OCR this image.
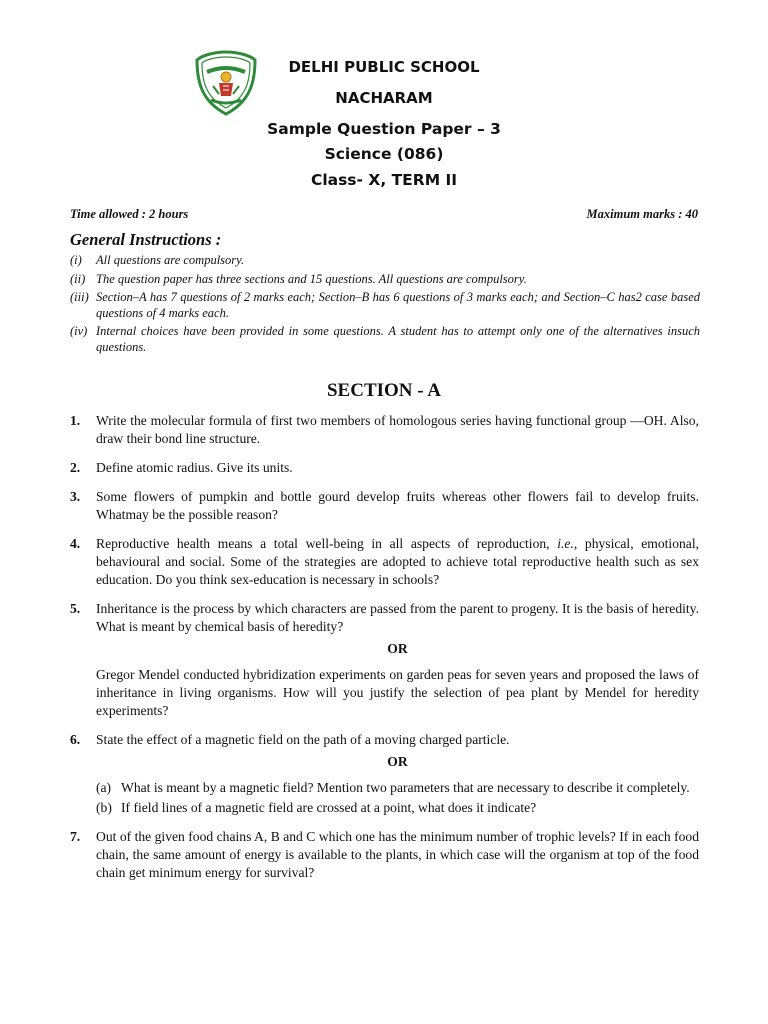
DELHI PUBLIC SCHOOL
NACHARAM
Sample Question Paper – 3
Science (086)
Class- X, TERM II
Time allowed : 2 hours	Maximum marks : 40
General Instructions :
(i)	All questions are compulsory.
(ii) The question paper has three sections and 15 questions. All questions are compulsory.
(iii) Section–A has 7 questions of 2 marks each; Section–B has 6 questions of 3 marks each; and Section–C has2 case based questions of 4 marks each.
(iv) Internal choices have been provided in some questions. A student has to attempt only one of the alternatives insuch questions.
SECTION - A
1.	Write the molecular formula of first two members of homologous series having functional group —OH. Also, draw their bond line structure.

2.	Define atomic radius. Give its units.

3.	Some flowers of pumpkin and bottle gourd develop fruits whereas other flowers fail to develop fruits. Whatmay be the possible reason?

4.	Reproductive health means a total well-being in all aspects of reproduction, i.e., physical, emotional, behavioural and social. Some of the strategies are adopted to achieve total reproductive health such as sex education. Do you think sex-education is necessary in schools?

5.	Inheritance is the process by which characters are passed from the parent to progeny. It is the basis of heredity. What is meant by chemical basis of heredity?

OR

Gregor Mendel conducted hybridization experiments on garden peas for seven years and proposed the laws of inheritance in living organisms. How will you justify the selection of pea plant by Mendel for heredity experiments?

6.	State the effect of a magnetic field on the path of a moving charged particle.

OR
(a) What is meant by a magnetic field? Mention two parameters that are necessary to describe it completely.
(b) If field lines of a magnetic field are crossed at a point, what does it indicate?
7.	Out of the given food chains A, B and C which one has the minimum number of trophic levels? If in each food chain, the same amount of energy is available to the plants, in which case will the organism at top of the food chain get minimum energy for survival?
